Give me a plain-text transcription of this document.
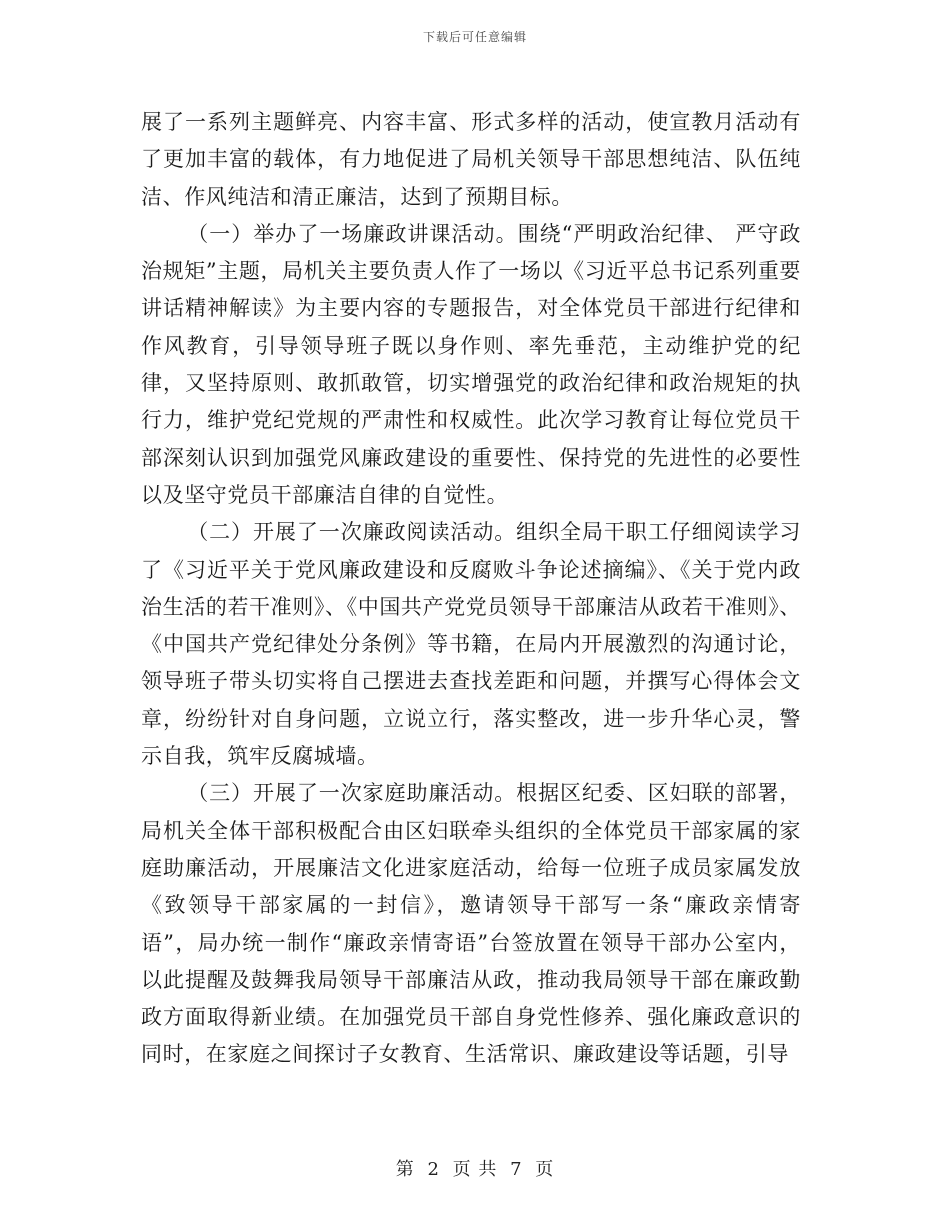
下载后可任意编辑

展了一系列主题鲜亮、内容丰富、形式多样的活动，使宣教月活动有了更加丰富的载体，有力地促进了局机关领导干部思想纯洁、队伍纯洁、作风纯洁和清正廉洁，达到了预期目标。

（一）举办了一场廉政讲课活动。围绕“严明政治纪律、 严守政治规矩”主题，局机关主要负责人作了一场以《习近平总书记系列重要讲话精神解读》为主要内容的专题报告，对全体党员干部进行纪律和作风教育，引导领导班子既以身作则、率先垂范，主动维护党的纪律，又坚持原则、敢抓敢管，切实增强党的政治纪律和政治规矩的执行力，维护党纪党规的严肃性和权威性。此次学习教育让每位党员干部深刻认识到加强党风廉政建设的重要性、保持党的先进性的必要性以及坚守党员干部廉洁自律的自觉性。

（二）开展了一次廉政阅读活动。组织全局干职工仔细阅读学习了《习近平关于党风廉政建设和反腐败斗争论述摘编》、《关于党内政治生活的若干准则》、《中国共产党党员领导干部廉洁从政若干准则》、《中国共产党纪律处分条例》等书籍，在局内开展激烈的沟通讨论，领导班子带头切实将自己摆进去查找差距和问题，并撰写心得体会文章，纷纷针对自身问题，立说立行，落实整改，进一步升华心灵，警示自我，筑牢反腐城墙。

（三）开展了一次家庭助廉活动。根据区纪委、区妇联的部署，局机关全体干部积极配合由区妇联牵头组织的全体党员干部家属的家庭助廉活动，开展廉洁文化进家庭活动，给每一位班子成员家属发放《致领导干部家属的一封信》，邀请领导干部写一条“廉政亲情寄语”，局办统一制作“廉政亲情寄语”台签放置在领导干部办公室内，以此提醒及鼓舞我局领导干部廉洁从政，推动我局领导干部在廉政勤政方面取得新业绩。在加强党员干部自身党性修养、强化廉政意识的同时，在家庭之间探讨子女教育、生活常识、廉政建设等话题，引导

第 2 页 共 7 页
